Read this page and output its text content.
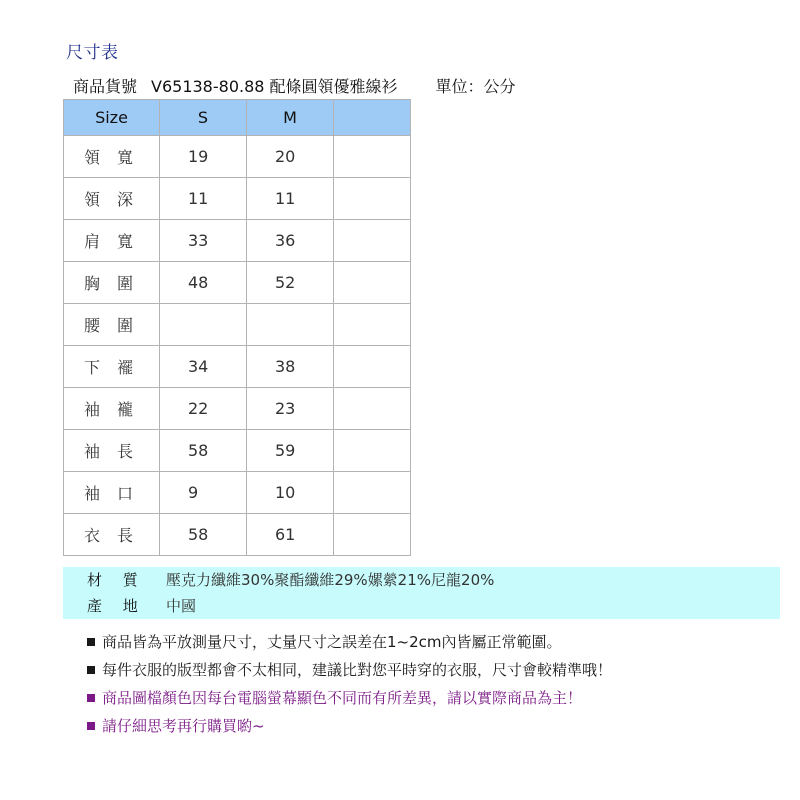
尺寸表
商品貨號 V65138-80.88 配條圓領優雅線衫 單位：公分
Size	S	M	
領 寬	19	20	
領 深	11	11	
肩 寬	33	36	
胸 圍	48	52	
腰 圍			
下 襬	34	38	
袖 襱	22	23	
袖 長	58	59	
袖 口	9	10	
衣 長	58	61	
材 質 壓克力纖維30%聚酯纖維29%嫘縈21%尼龍20%
產 地 中國
商品皆為平放測量尺寸，丈量尺寸之誤差在1~2cm內皆屬正常範圍。
每件衣服的版型都會不太相同，建議比對您平時穿的衣服，尺寸會較精準哦！
商品圖檔顏色因每台電腦螢幕顯色不同而有所差異，請以實際商品為主！
請仔細思考再行購買喲~
